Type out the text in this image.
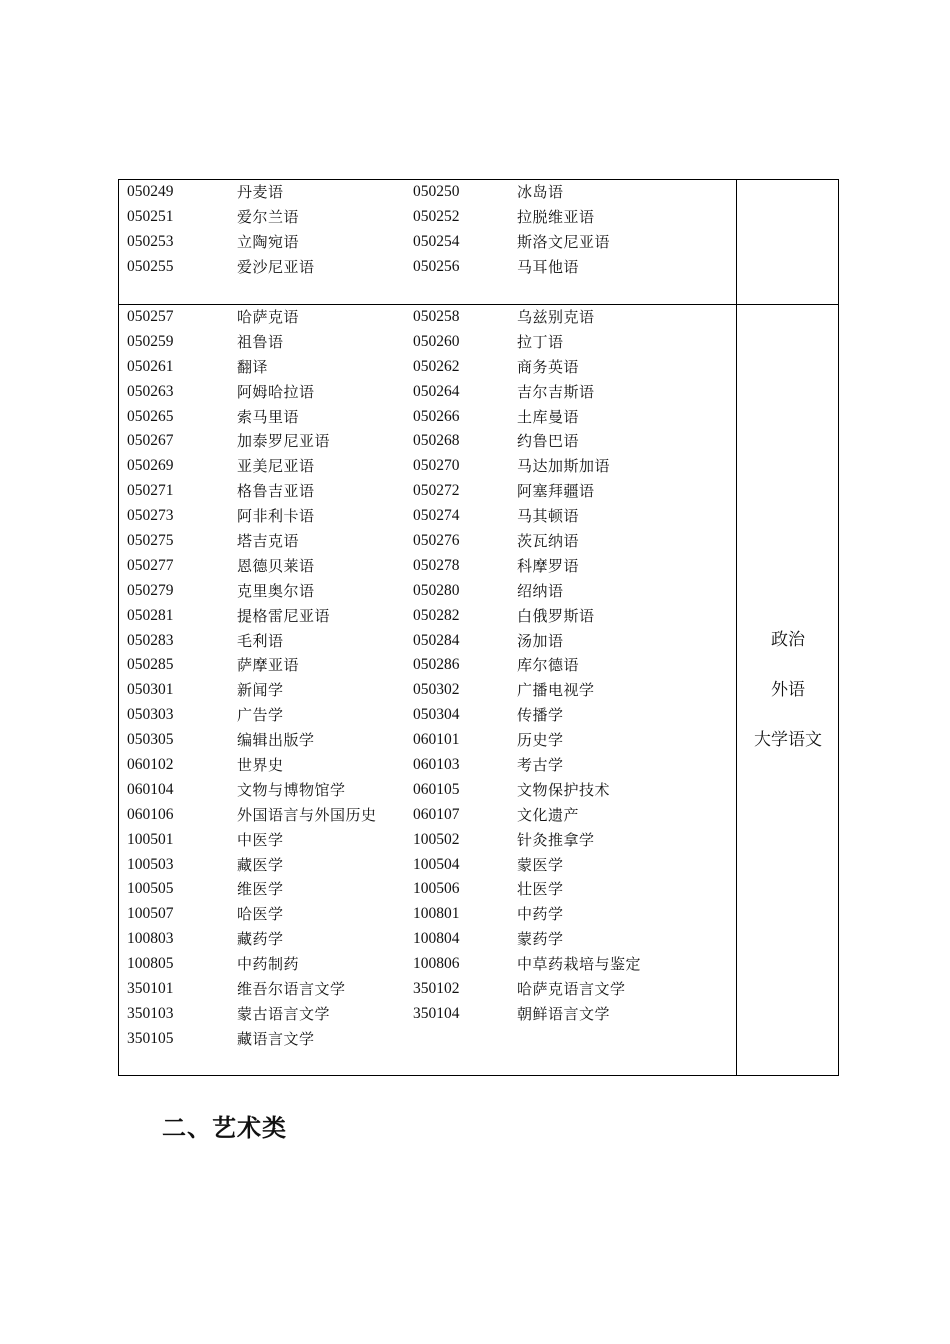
050249	丹麦语	050250	冰岛语
050251	爱尔兰语	050252	拉脱维亚语
050253	立陶宛语	050254	斯洛文尼亚语
050255	爱沙尼亚语	050256	马耳他语
050257	哈萨克语	050258	乌兹别克语
050259	祖鲁语	050260	拉丁语
050261	翻译	050262	商务英语
050263	阿姆哈拉语	050264	吉尔吉斯语
050265	索马里语	050266	土库曼语
050267	加泰罗尼亚语	050268	约鲁巴语
050269	亚美尼亚语	050270	马达加斯加语
050271	格鲁吉亚语	050272	阿塞拜疆语
050273	阿非利卡语	050274	马其顿语
050275	塔吉克语	050276	茨瓦纳语
050277	恩德贝莱语	050278	科摩罗语
050279	克里奥尔语	050280	绍纳语
050281	提格雷尼亚语	050282	白俄罗斯语
050283	毛利语	050284	汤加语
050285	萨摩亚语	050286	库尔德语
050301	新闻学	050302	广播电视学
050303	广告学	050304	传播学
050305	编辑出版学	060101	历史学
060102	世界史	060103	考古学
060104	文物与博物馆学	060105	文物保护技术
060106	外国语言与外国历史 060107	文化遗产
100501	中医学	100502	针灸推拿学
100503	藏医学	100504	蒙医学
100505	维医学	100506	壮医学
100507	哈医学	100801	中药学
100803	藏药学	100804	蒙药学
100805	中药制药	100806	中草药栽培与鉴定
350101	维吾尔语言文学	350102	哈萨克语言文学
350103	蒙古语言文学	350104	朝鲜语言文学
350105	藏语言文学
政治
外语
大学语文
二、艺术类
